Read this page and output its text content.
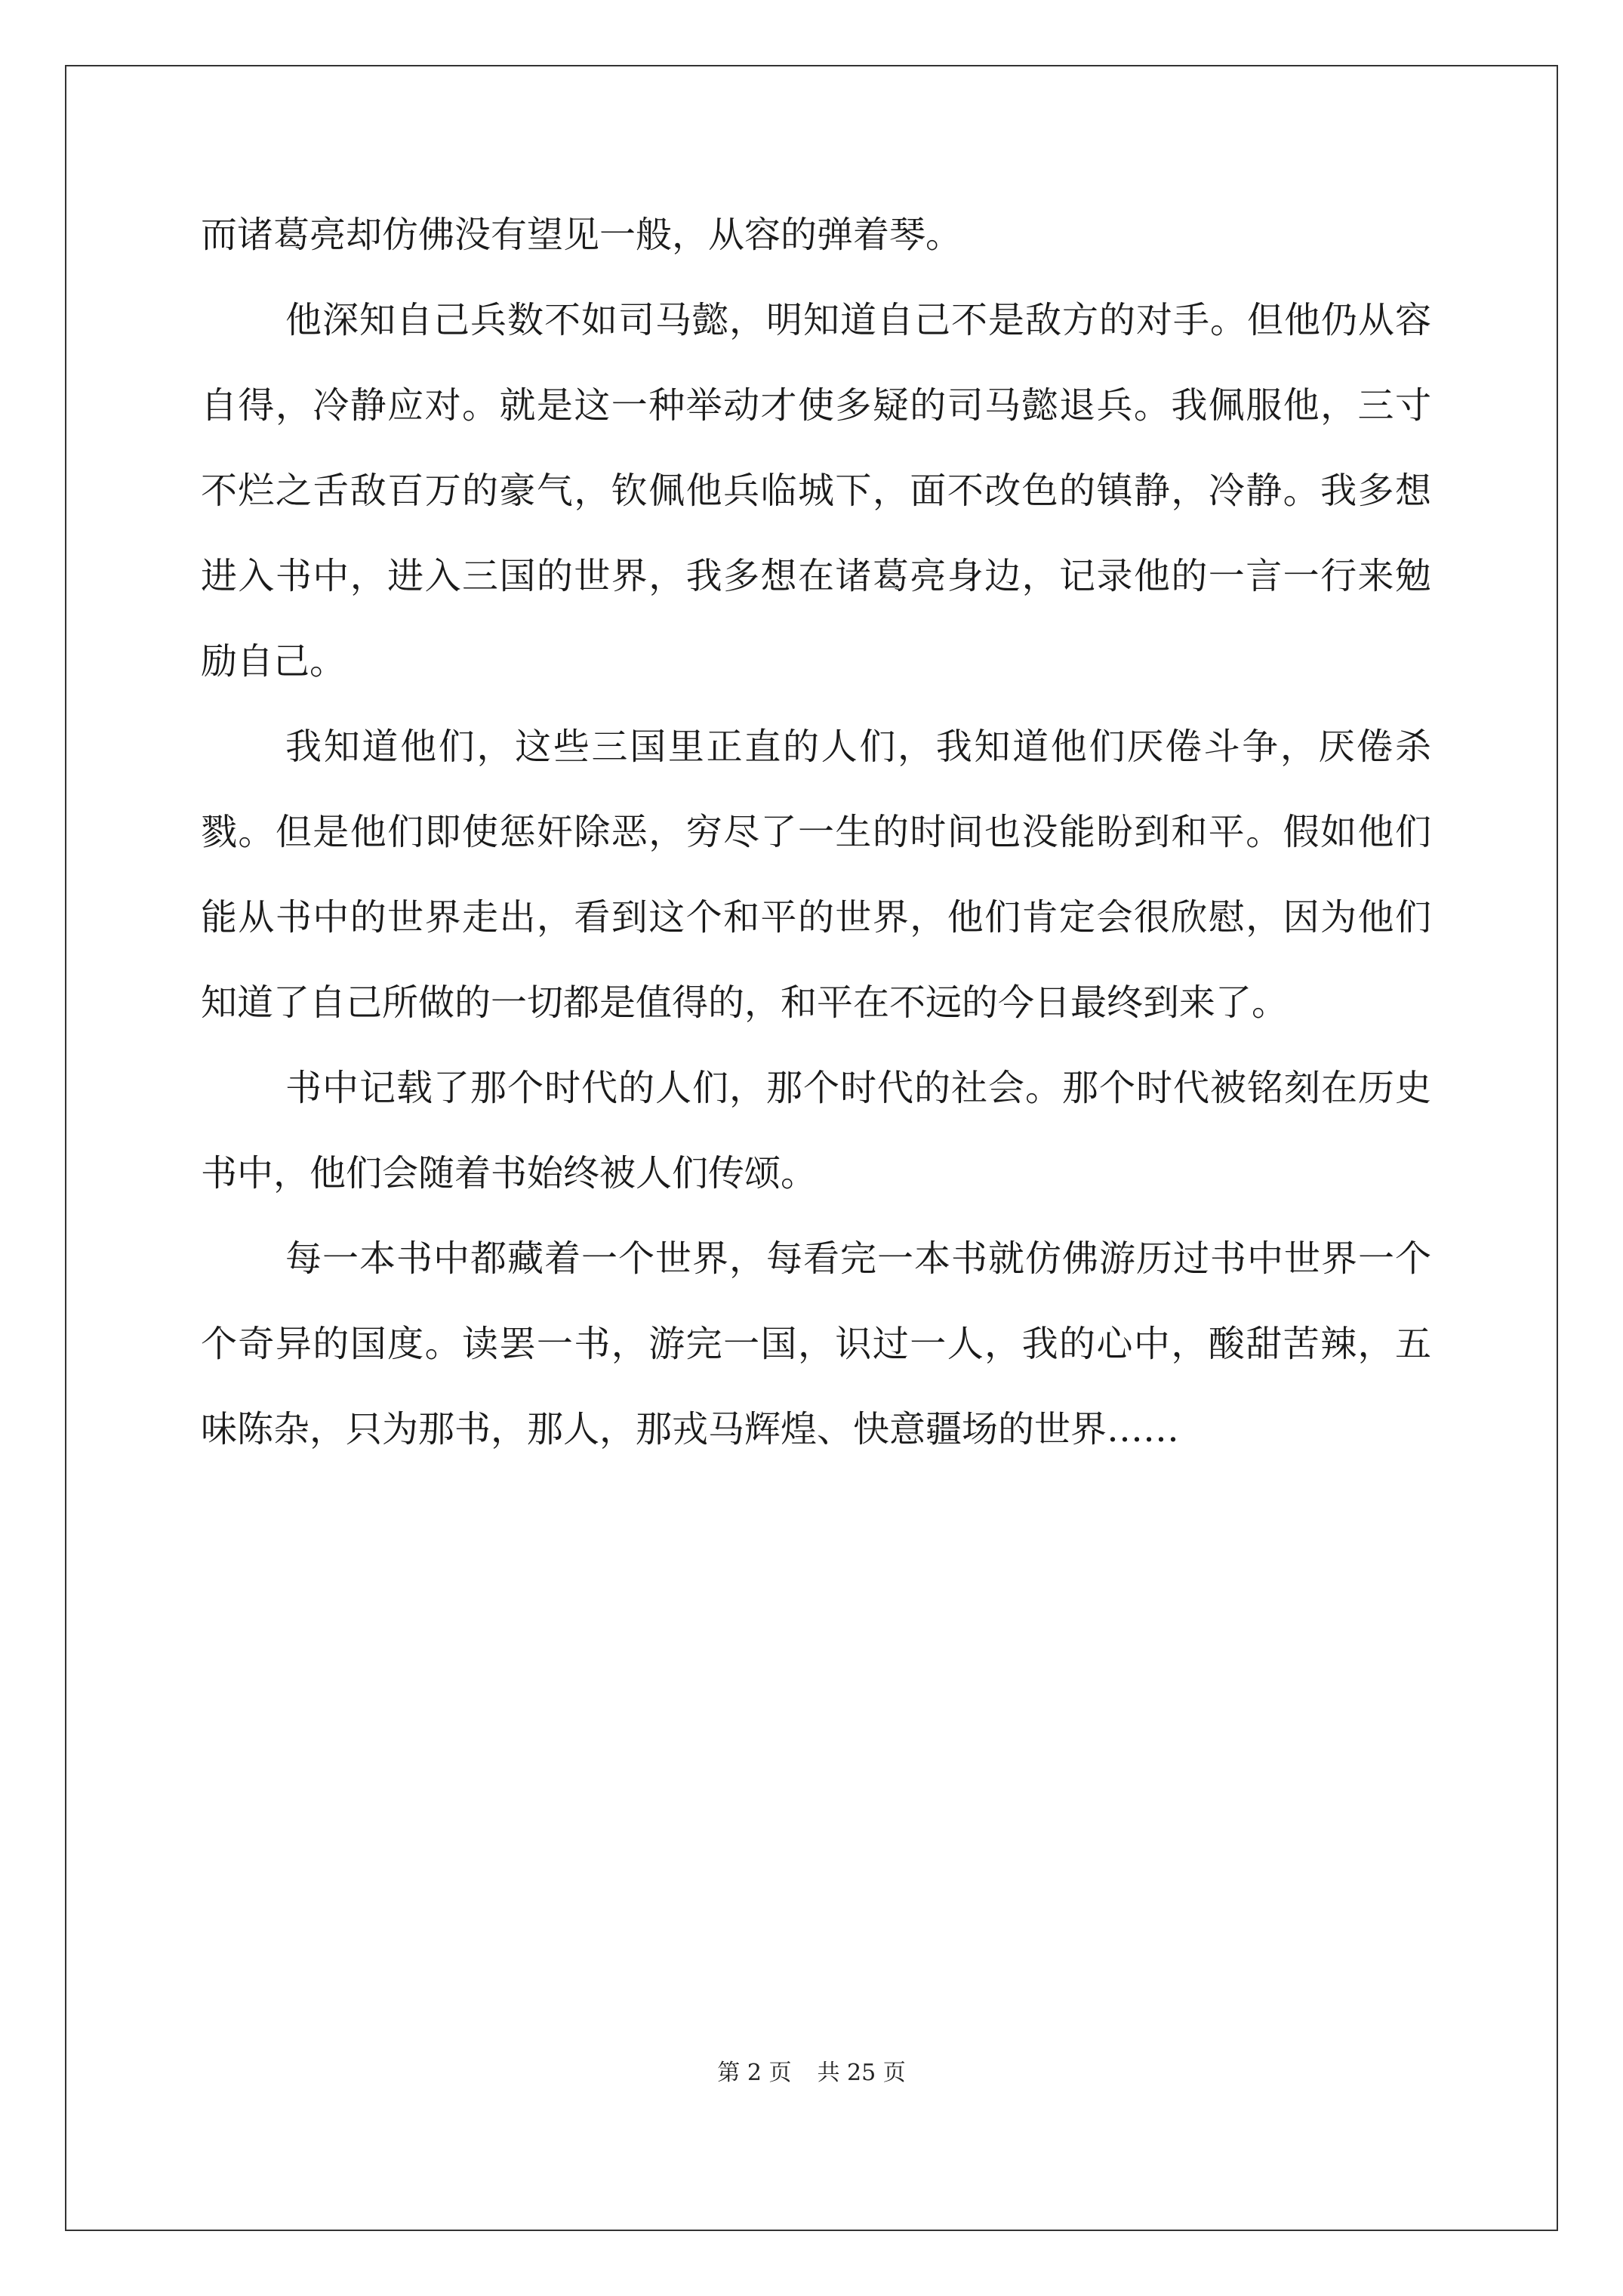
而诸葛亮却仿佛没有望见一般，从容的弹着琴。

他深知自己兵数不如司马懿，明知道自己不是敌方的对手。但他仍从容自得，冷静应对。就是这一种举动才使多疑的司马懿退兵。我佩服他，三寸不烂之舌敌百万的豪气，钦佩他兵临城下，面不改色的镇静，冷静。我多想进入书中，进入三国的世界，我多想在诸葛亮身边，记录他的一言一行来勉励自己。

我知道他们，这些三国里正直的人们，我知道他们厌倦斗争，厌倦杀戮。但是他们即使惩奸除恶，穷尽了一生的时间也没能盼到和平。假如他们能从书中的世界走出，看到这个和平的世界，他们肯定会很欣慰，因为他们知道了自己所做的一切都是值得的，和平在不远的今日最终到来了。

书中记载了那个时代的人们，那个时代的社会。那个时代被铭刻在历史书中，他们会随着书始终被人们传颂。

每一本书中都藏着一个世界，每看完一本书就仿佛游历过书中世界一个个奇异的国度。读罢一书，游完一国，识过一人，我的心中，酸甜苦辣，五味陈杂，只为那书，那人，那戎马辉煌、快意疆场的世界……

第 2 页 共 25 页
